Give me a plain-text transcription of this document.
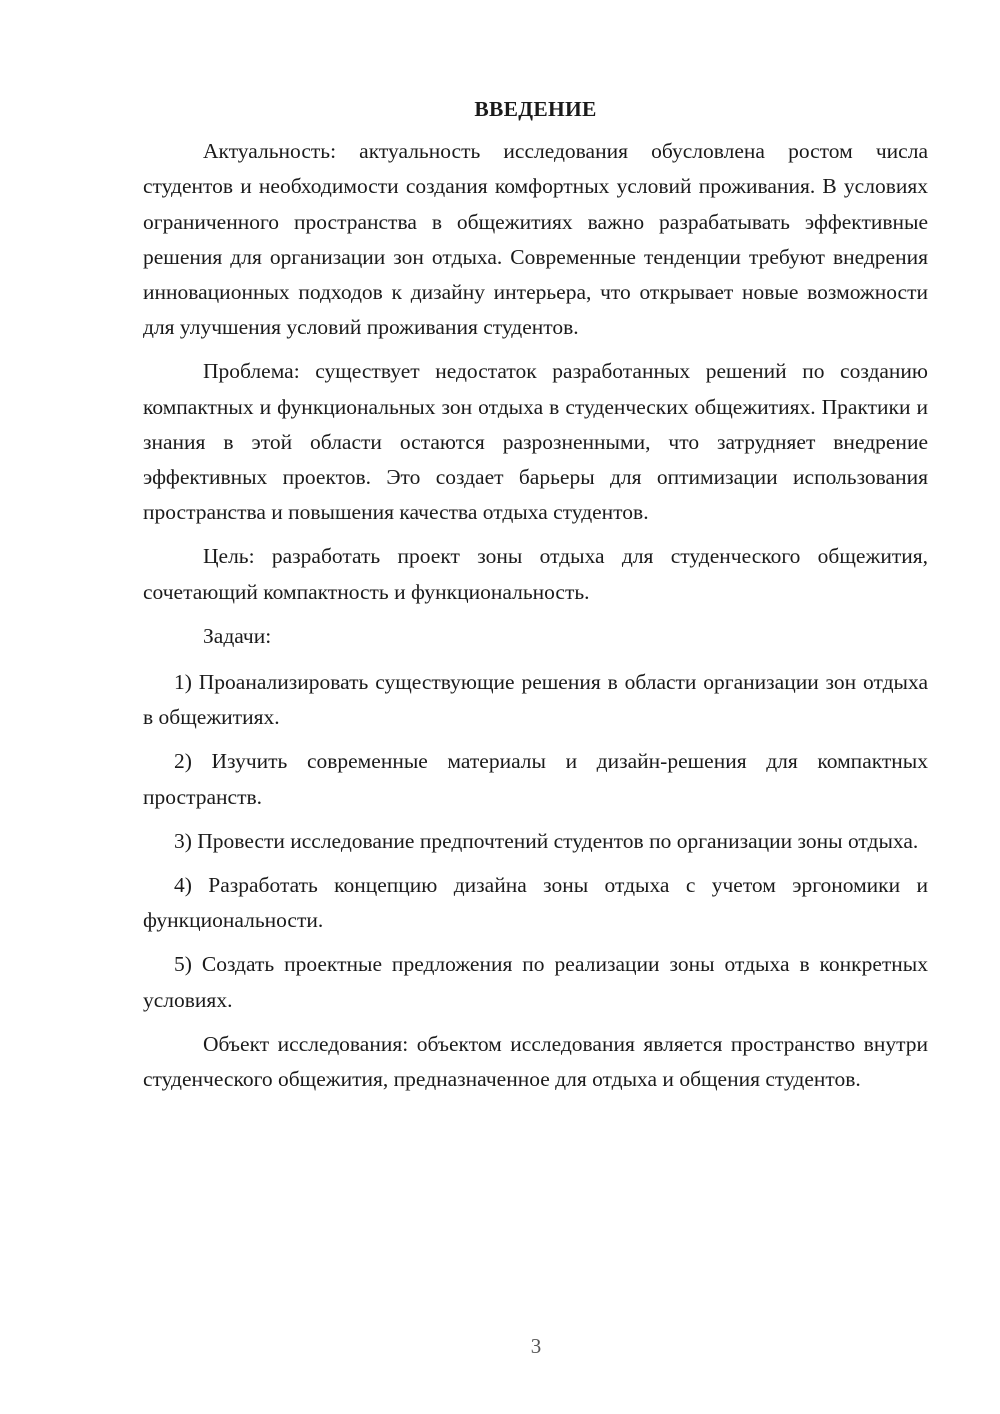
ВВЕДЕНИЕ

Актуальность: актуальность исследования обусловлена ростом числа студентов и необходимости создания комфортных условий проживания. В условиях ограниченного пространства в общежитиях важно разрабатывать эффективные решения для организации зон отдыха. Современные тенденции требуют внедрения инновационных подходов к дизайну интерьера, что открывает новые возможности для улучшения условий проживания студентов.

Проблема: существует недостаток разработанных решений по созданию компактных и функциональных зон отдыха в студенческих общежитиях. Практики и знания в этой области остаются разрозненными, что затрудняет внедрение эффективных проектов. Это создает барьеры для оптимизации использования пространства и повышения качества отдыха студентов.

Цель: разработать проект зоны отдыха для студенческого общежития, сочетающий компактность и функциональность.

Задачи:

1) Проанализировать существующие решения в области организации зон отдыха в общежитиях.

2) Изучить современные материалы и дизайн-решения для компактных пространств.

3) Провести исследование предпочтений студентов по организации зоны отдыха.

4) Разработать концепцию дизайна зоны отдыха с учетом эргономики и функциональности.

5) Создать проектные предложения по реализации зоны отдыха в конкретных условиях.

Объект исследования: объектом исследования является пространство внутри студенческого общежития, предназначенное для отдыха и общения студентов.

3
